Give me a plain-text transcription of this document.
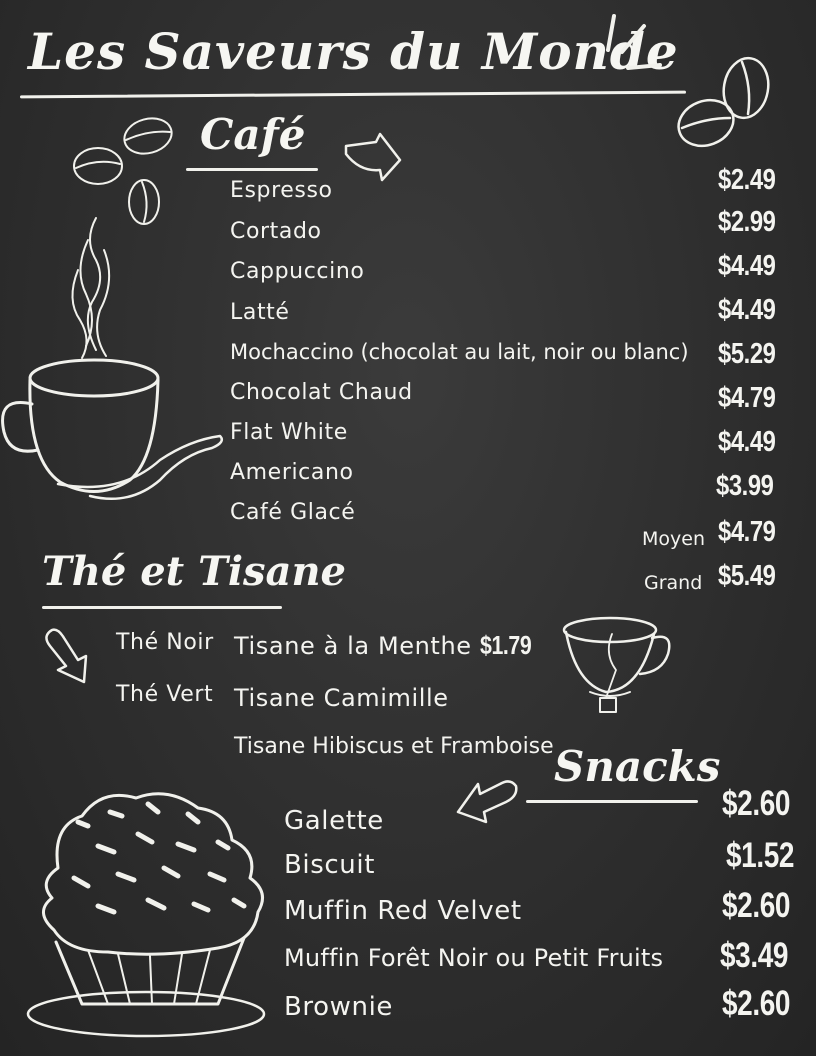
Les Saveurs du Monde
Café
Espresso
Cortado
Cappuccino
Latté
Mochaccino (chocolat au lait, noir ou blanc)
Chocolat Chaud
Flat White
Americano
Café Glacé
$2.49
$2.99
$4.49
$4.49
$5.29
$4.79
$4.49
$3.99
Moyen $4.79
Grand $5.49
Thé et Tisane
Thé Noir
Thé Vert
Tisane à la Menthe
Tisane Camimille
Tisane Hibiscus et Framboise
$1.79
Snacks
Galette
Biscuit
Muffin Red Velvet
Muffin Forêt Noir ou Petit Fruits
Brownie
$2.60
$1.52
$2.60
$3.49
$2.60
